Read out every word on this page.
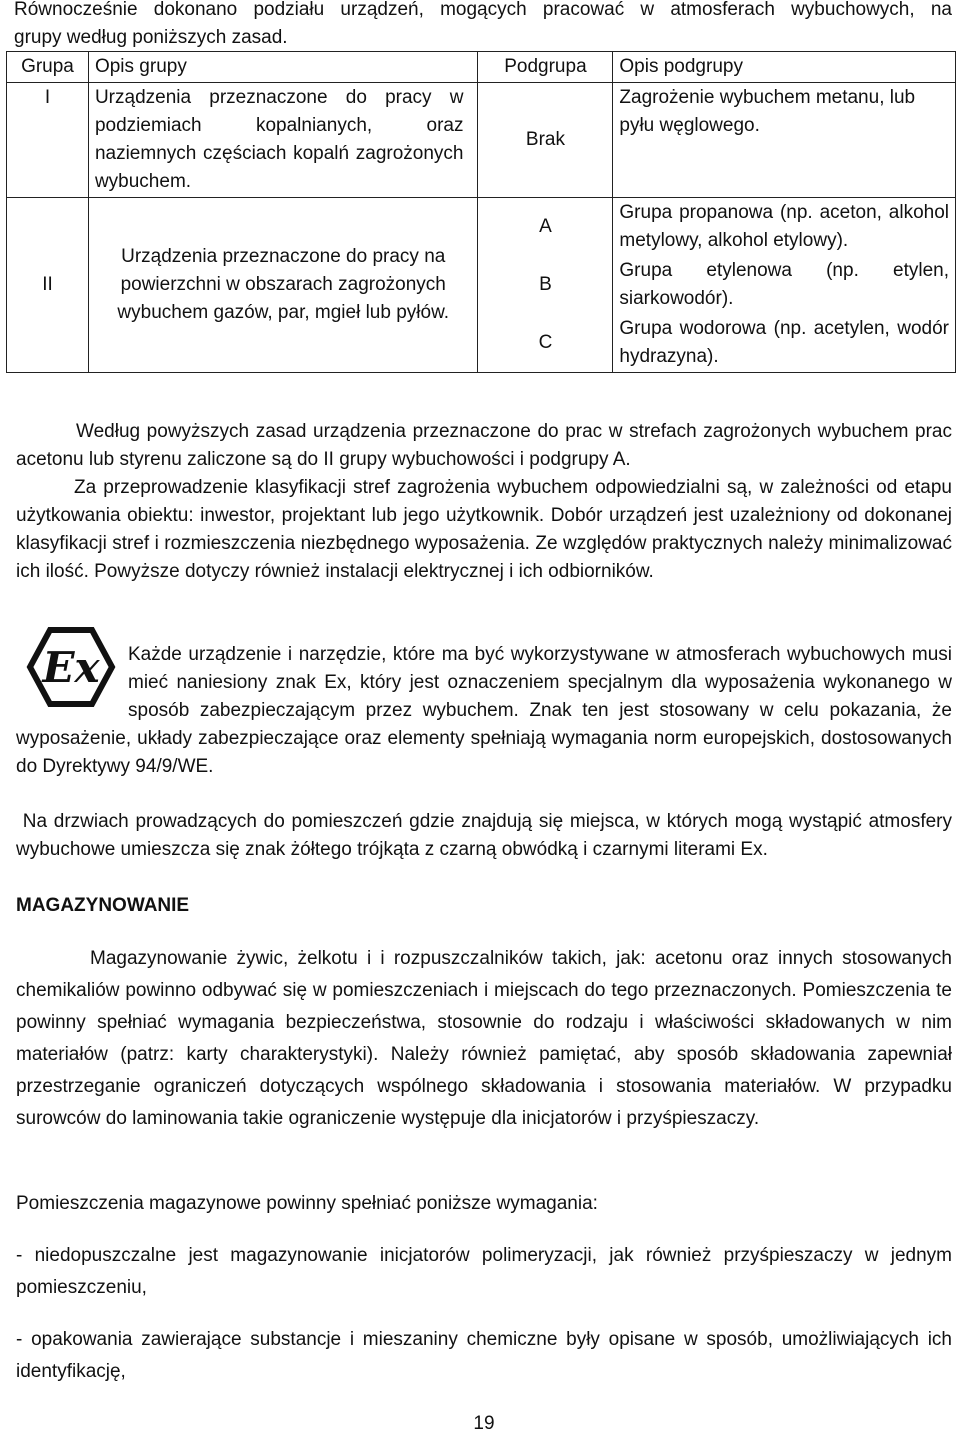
Równocześnie dokonano podziału urządzeń, mogących pracować w atmosferach wybuchowych, na
grupy według poniższych zasad.
Grupa	Opis grupy	Podgrupa	Opis podgrupy
I	Urządzenia przeznaczone do pracy w podziemiach kopalnianych, oraz naziemnych częściach kopalń zagrożonych wybuchem.	Brak	Zagrożenie wybuchem metanu, lub pyłu węglowego.
II	Urządzenia przeznaczone do pracy na powierzchni w obszarach zagrożonych wybuchem gazów, par, mgieł lub pyłów.	A	Grupa propanowa (np. aceton, alkohol metylowy, alkohol etylowy).
		B	Grupa etylenowa (np. etylen, siarkowodór).
		C	Grupa wodorowa (np. acetylen, wodór hydrazyna).

Według powyższych zasad urządzenia przeznaczone do prac w strefach zagrożonych wybuchem prac acetonu lub styrenu zaliczone są do II grupy wybuchowości i podgrupy A.

Za przeprowadzenie klasyfikacji stref zagrożenia wybuchem odpowiedzialni są, w zależności od etapu użytkowania obiektu: inwestor, projektant lub jego użytkownik. Dobór urządzeń jest uzależniony od dokonanej klasyfikacji stref i rozmieszczenia niezbędnego wyposażenia. Ze względów praktycznych należy minimalizować ich ilość. Powyższe dotyczy również instalacji elektrycznej i ich odbiorników.

Ex	Każde urządzenie i narzędzie, które ma być wykorzystywane w atmosferach wybuchowych musi mieć naniesiony znak Ex, który jest oznaczeniem specjalnym dla wyposażenia wykonanego w sposób zabezpieczającym przez wybuchem. Znak ten jest stosowany w celu pokazania, że wyposażenie, układy zabezpieczające oraz elementy spełniają wymagania norm europejskich, dostosowanych do Dyrektywy 94/9/WE.

Na drzwiach prowadzących do pomieszczeń gdzie znajdują się miejsca, w których mogą wystąpić atmosfery wybuchowe umieszcza się znak żółtego trójkąta z czarną obwódką i czarnymi literami Ex.

MAGAZYNOWANIE

Magazynowanie żywic, żelkotu i i rozpuszczalników takich, jak: acetonu oraz innych stosowanych chemikaliów powinno odbywać się w pomieszczeniach i miejscach do tego przeznaczonych. Pomieszczenia te powinny spełniać wymagania bezpieczeństwa, stosownie do rodzaju i właściwości składowanych w nim materiałów (patrz: karty charakterystyki). Należy również pamiętać, aby sposób składowania zapewniał przestrzeganie ograniczeń dotyczących wspólnego składowania i stosowania materiałów. W przypadku surowców do laminowania takie ograniczenie występuje dla inicjatorów i przyśpieszaczy.

Pomieszczenia magazynowe powinny spełniać poniższe wymagania:

- niedopuszczalne jest magazynowanie inicjatorów polimeryzacji, jak również przyśpieszaczy w jednym pomieszczeniu,

- opakowania zawierające substancje i mieszaniny chemiczne były opisane w sposób, umożliwiających ich identyfikację,

19
